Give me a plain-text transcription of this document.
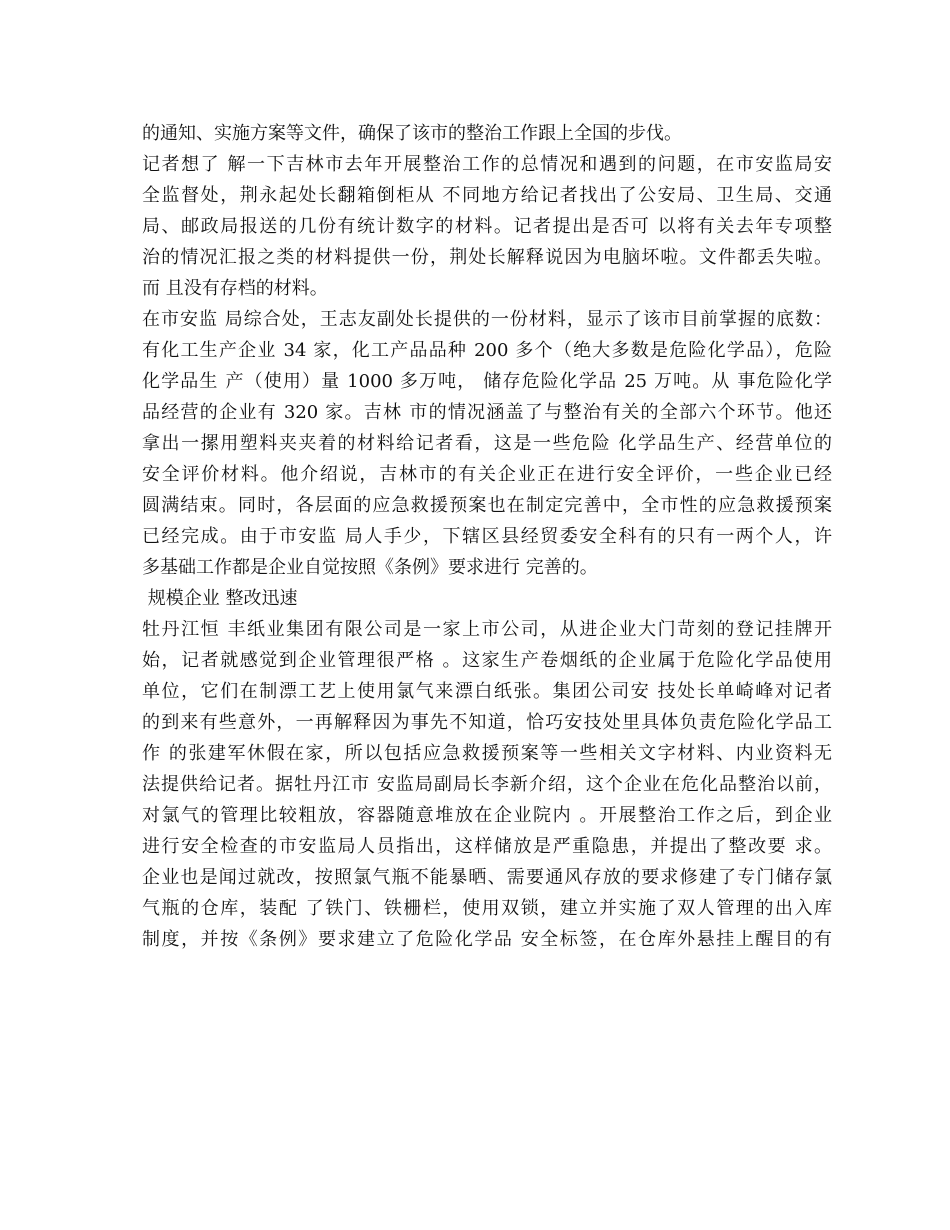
的通知、实施方案等文件，确保了该市的整治工作跟上全国的步伐。

记者想了 解一下吉林市去年开展整治工作的总情况和遇到的问题，在市安监局安

全监督处，荆永起处长翻箱倒柜从 不同地方给记者找出了公安局、卫生局、交通

局、邮政局报送的几份有统计数字的材料。记者提出是否可 以将有关去年专项整

治的情况汇报之类的材料提供一份，荆处长解释说因为电脑坏啦。文件都丢失啦。

而 且没有存档的材料。

在市安监 局综合处，王志友副处长提供的一份材料，显示了该市目前掌握的底数：

有化工生产企业 34 家，化工产品品种 200 多个（绝大多数是危险化学品），危险

化学品生 产（使用）量 1000 多万吨， 储存危险化学品 25 万吨。从 事危险化学

品经营的企业有 320 家。吉林 市的情况涵盖了与整治有关的全部六个环节。他还

拿出一摞用塑料夹夹着的材料给记者看，这是一些危险 化学品生产、经营单位的

安全评价材料。他介绍说，吉林市的有关企业正在进行安全评价，一些企业已经

圆满结束。同时，各层面的应急救援预案也在制定完善中，全市性的应急救援预案

已经完成。由于市安监 局人手少，下辖区县经贸委安全科有的只有一两个人，许

多基础工作都是企业自觉按照《条例》要求进行 完善的。

规模企业 整改迅速

牡丹江恒 丰纸业集团有限公司是一家上市公司，从进企业大门苛刻的登记挂牌开

始，记者就感觉到企业管理很严格 。这家生产卷烟纸的企业属于危险化学品使用

单位，它们在制漂工艺上使用氯气来漂白纸张。集团公司安 技处长单崎峰对记者

的到来有些意外，一再解释因为事先不知道，恰巧安技处里具体负责危险化学品工

作 的张建军休假在家，所以包括应急救援预案等一些相关文字材料、内业资料无

法提供给记者。据牡丹江市 安监局副局长李新介绍，这个企业在危化品整治以前，

对氯气的管理比较粗放，容器随意堆放在企业院内 。开展整治工作之后，到企业

进行安全检查的市安监局人员指出，这样储放是严重隐患，并提出了整改要 求。

企业也是闻过就改，按照氯气瓶不能暴晒、需要通风存放的要求修建了专门储存氯

气瓶的仓库，装配 了铁门、铁栅栏，使用双锁，建立并实施了双人管理的出入库

制度，并按《条例》要求建立了危险化学品 安全标签，在仓库外悬挂上醒目的有
